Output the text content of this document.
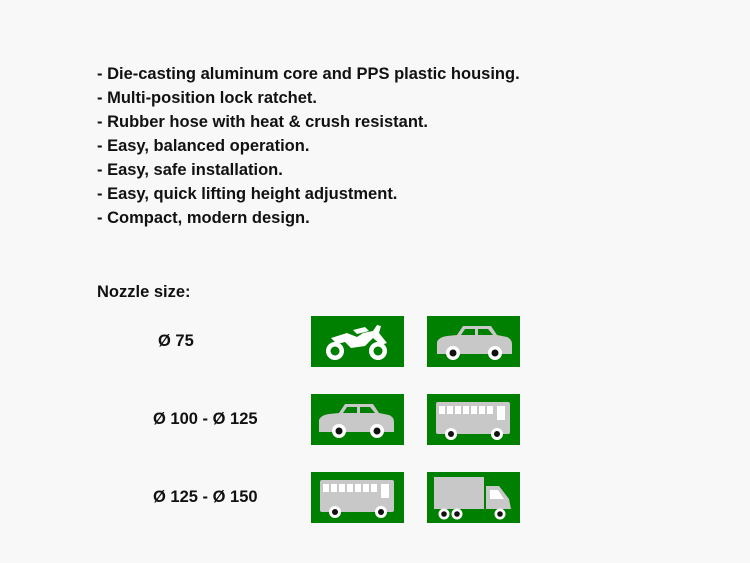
- Die-casting aluminum core and PPS plastic housing.
- Multi-position lock ratchet.
- Rubber hose with heat & crush resistant.
- Easy, balanced operation.
- Easy, safe installation.
- Easy, quick lifting height adjustment.
- Compact, modern design.
Nozzle size:
Ø 75
Ø 100 - Ø 125
Ø 125 - Ø 150
